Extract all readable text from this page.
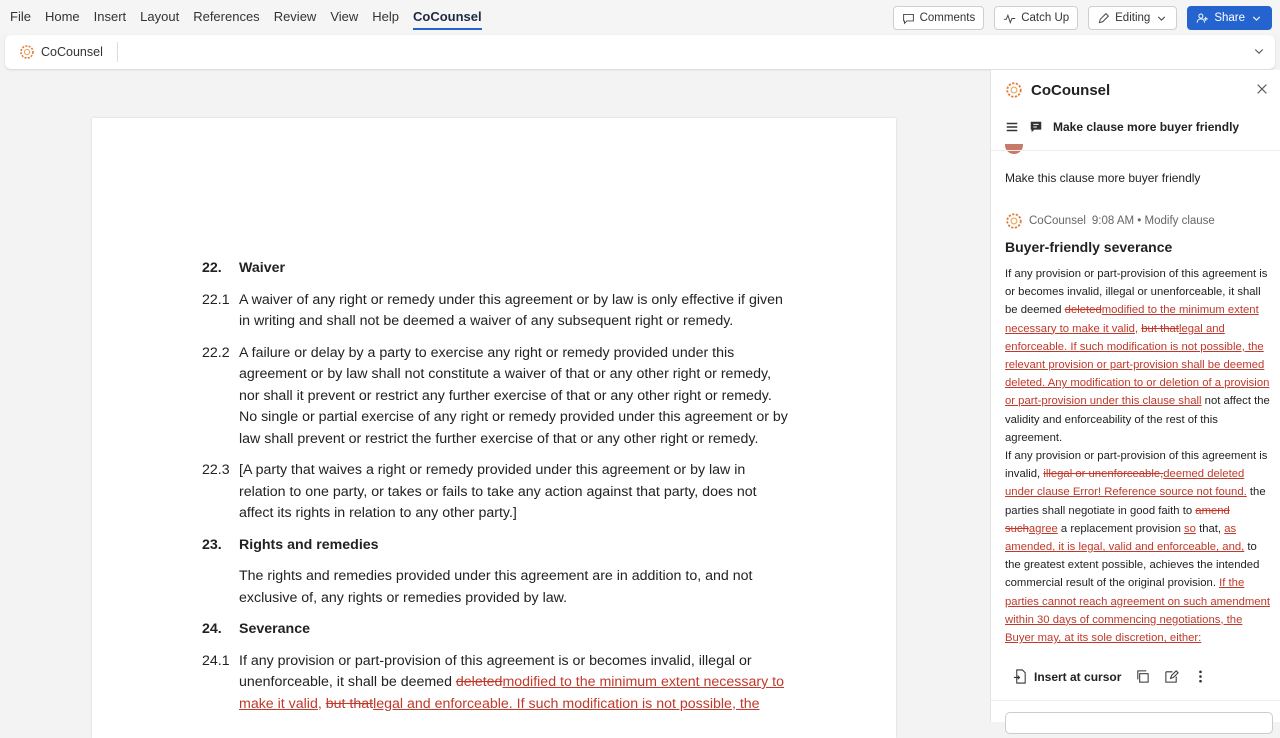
File Home Insert Layout References Review View Help CoCounsel	Comments	Catch Up	Editing	Share
CoCounsel
22.	Waiver
22.1 A waiver of any right or remedy under this agreement or by law is only effective if given in writing and shall not be deemed a waiver of any subsequent right or remedy.
22.2 A failure or delay by a party to exercise any right or remedy provided under this agreement or by law shall not constitute a waiver of that or any other right or remedy, nor shall it prevent or restrict any further exercise of that or any other right or remedy. No single or partial exercise of any right or remedy provided under this agreement or by law shall prevent or restrict the further exercise of that or any other right or remedy.
22.3 [A party that waives a right or remedy provided under this agreement or by law in relation to one party, or takes or fails to take any action against that party, does not affect its rights in relation to any other party.]
23.	Rights and remedies
The rights and remedies provided under this agreement are in addition to, and not exclusive of, any rights or remedies provided by law.
24.	Severance
24.1 If any provision or part-provision of this agreement is or becomes invalid, illegal or unenforceable, it shall be deemed deletedmodified to the minimum extent necessary to make it valid, but thatlegal and enforceable. If such modification is not possible, the
CoCounsel
Make clause more buyer friendly
Make this clause more buyer friendly
CoCounsel 9:08 AM • Modify clause
Buyer-friendly severance
If any provision or part-provision of this agreement is or becomes invalid, illegal or unenforceable, it shall be deemed deletedmodified to the minimum extent necessary to make it valid, but thatlegal and enforceable. If such modification is not possible, the relevant provision or part-provision shall be deemed deleted. Any modification to or deletion of a provision or part-provision under this clause shall not affect the validity and enforceability of the rest of this agreement.
If any provision or part-provision of this agreement is invalid, illegal or unenforceable,deemed deleted under clause Error! Reference source not found. the parties shall negotiate in good faith to amend suchagree a replacement provision so that, as amended, it is legal, valid and enforceable, and, to the greatest extent possible, achieves the intended commercial result of the original provision. If the parties cannot reach agreement on such amendment within 30 days of commencing negotiations, the Buyer may, at its sole discretion, either:
Insert at cursor
